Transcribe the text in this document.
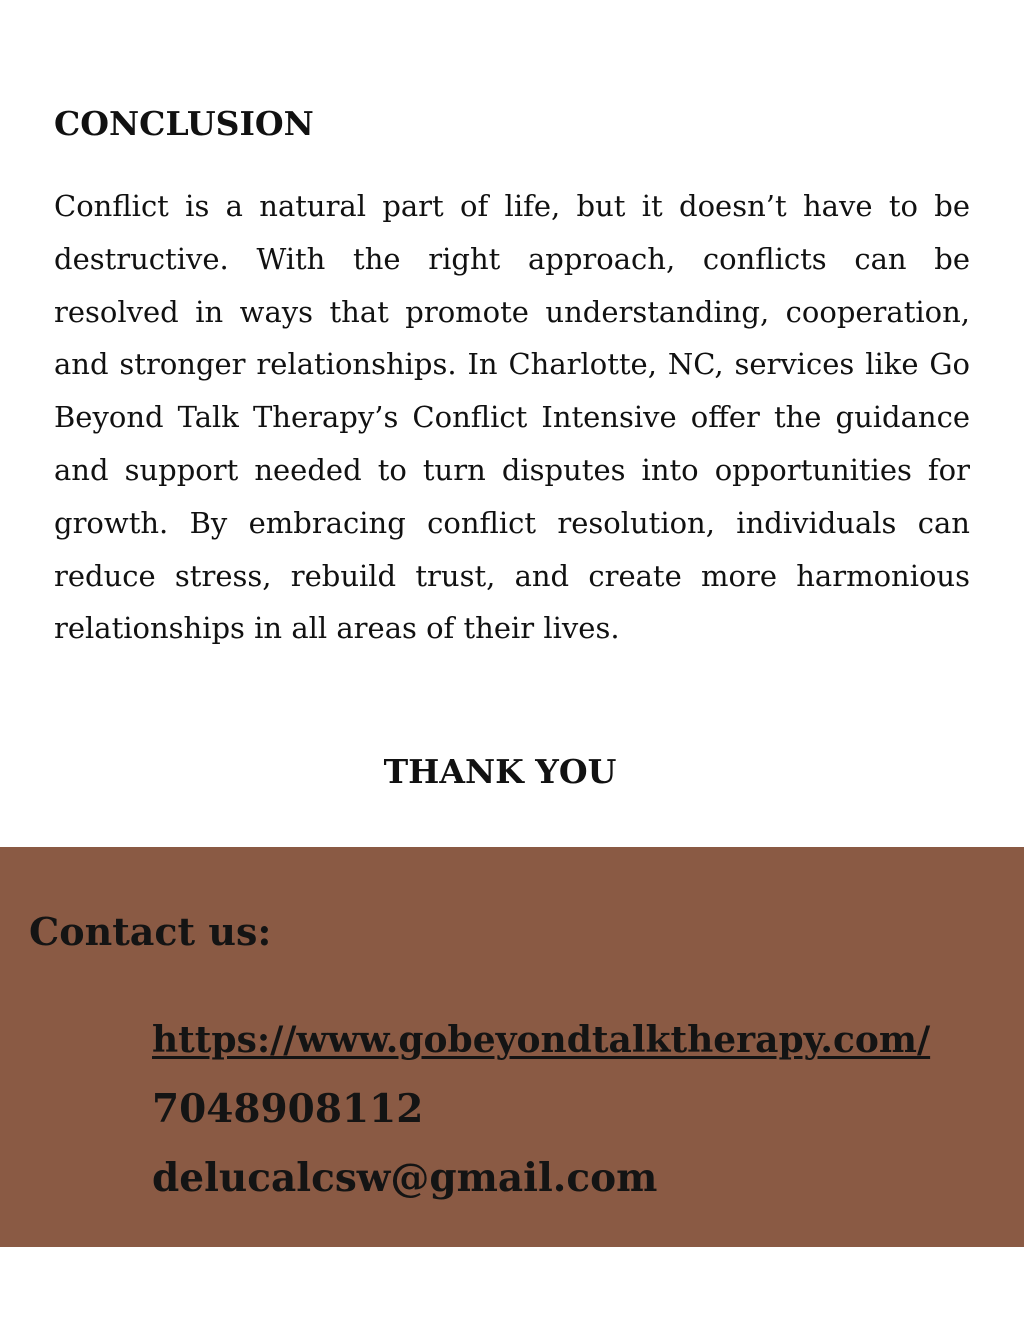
CONCLUSION

Conflict is a natural part of life, but it doesn’t have to be destructive. With the right approach, conflicts can be resolved in ways that promote understanding, cooperation, and stronger relationships. In Charlotte, NC, services like Go Beyond Talk Therapy’s Conflict Intensive offer the guidance and support needed to turn disputes into opportunities for growth. By embracing conflict resolution, individuals can reduce stress, rebuild trust, and create more harmonious relationships in all areas of their lives.

THANK YOU
Contact us:
https://www.gobeyondtalktherapy.com/
7048908112
delucalcsw@gmail.com
